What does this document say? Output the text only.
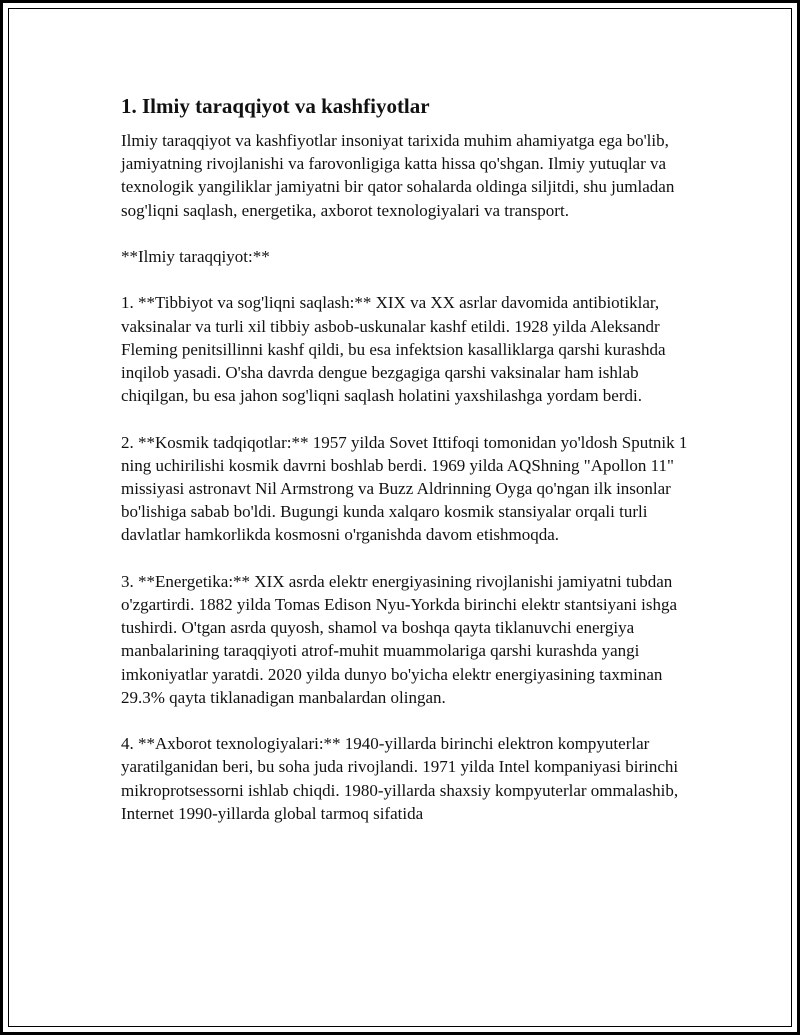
1. Ilmiy taraqqiyot va kashfiyotlar

Ilmiy taraqqiyot va kashfiyotlar insoniyat tarixida muhim ahamiyatga ega bo'lib, jamiyatning rivojlanishi va farovonligiga katta hissa qo'shgan. Ilmiy yutuqlar va texnologik yangiliklar jamiyatni bir qator sohalarda oldinga siljitdi, shu jumladan sog'liqni saqlash, energetika, axborot texnologiyalari va transport.

**Ilmiy taraqqiyot:**

1. **Tibbiyot va sog'liqni saqlash:** XIX va XX asrlar davomida antibiotiklar, vaksinalar va turli xil tibbiy asbob-uskunalar kashf etildi. 1928 yilda Aleksandr Fleming penitsillinni kashf qildi, bu esa infektsion kasalliklarga qarshi kurashda inqilob yasadi. O'sha davrda dengue bezgagiga qarshi vaksinalar ham ishlab chiqilgan, bu esa jahon sog'liqni saqlash holatini yaxshilashga yordam berdi.

2. **Kosmik tadqiqotlar:** 1957 yilda Sovet Ittifoqi tomonidan yo'ldosh Sputnik 1 ning uchirilishi kosmik davrni boshlab berdi. 1969 yilda AQShning "Apollon 11" missiyasi astronavt Nil Armstrong va Buzz Aldrinning Oyga qo'ngan ilk insonlar bo'lishiga sabab bo'ldi. Bugungi kunda xalqaro kosmik stansiyalar orqali turli davlatlar hamkorlikda kosmosni o'rganishda davom etishmoqda.

3. **Energetika:** XIX asrda elektr energiyasining rivojlanishi jamiyatni tubdan o'zgartirdi. 1882 yilda Tomas Edison Nyu-Yorkda birinchi elektr stantsiyani ishga tushirdi. O'tgan asrda quyosh, shamol va boshqa qayta tiklanuvchi energiya manbalarining taraqqiyoti atrof-muhit muammolariga qarshi kurashda yangi imkoniyatlar yaratdi. 2020 yilda dunyo bo'yicha elektr energiyasining taxminan 29.3% qayta tiklanadigan manbalardan olingan.

4. **Axborot texnologiyalari:** 1940-yillarda birinchi elektron kompyuterlar yaratilganidan beri, bu soha juda rivojlandi. 1971 yilda Intel kompaniyasi birinchi mikroprotsessorni ishlab chiqdi. 1980-yillarda shaxsiy kompyuterlar ommalashib, Internet 1990-yillarda global tarmoq sifatida
